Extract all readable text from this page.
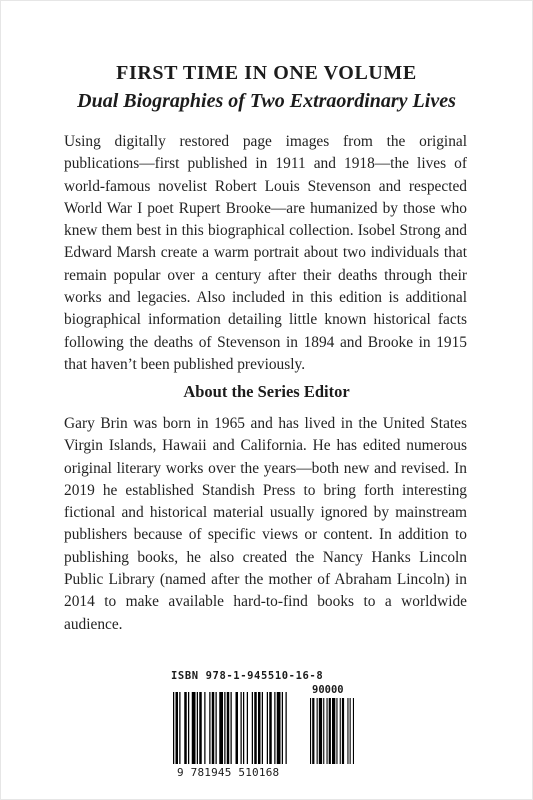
FIRST TIME IN ONE VOLUME
Dual Biographies of Two Extraordinary Lives
Using digitally restored page images from the original publications—first published in 1911 and 1918—the lives of world-famous novelist Robert Louis Stevenson and respected World War I poet Rupert Brooke—are humanized by those who knew them best in this biographical collection. Isobel Strong and Edward Marsh create a warm portrait about two individuals that remain popular over a century after their deaths through their works and legacies. Also included in this edition is additional biographical information detailing little known historical facts following the deaths of Stevenson in 1894 and Brooke in 1915 that haven’t been published previously.
About the Series Editor
Gary Brin was born in 1965 and has lived in the United States Virgin Islands, Hawaii and California. He has edited numerous original literary works over the years—both new and revised. In 2019 he established Standish Press to bring forth interesting fictional and historical material usually ignored by mainstream publishers because of specific views or content. In addition to publishing books, he also created the Nancy Hanks Lincoln Public Library (named after the mother of Abraham Lincoln) in 2014 to make available hard-to-find books to a worldwide audience.
ISBN 978-1-945510-16-8
90000
9 781945 510168
